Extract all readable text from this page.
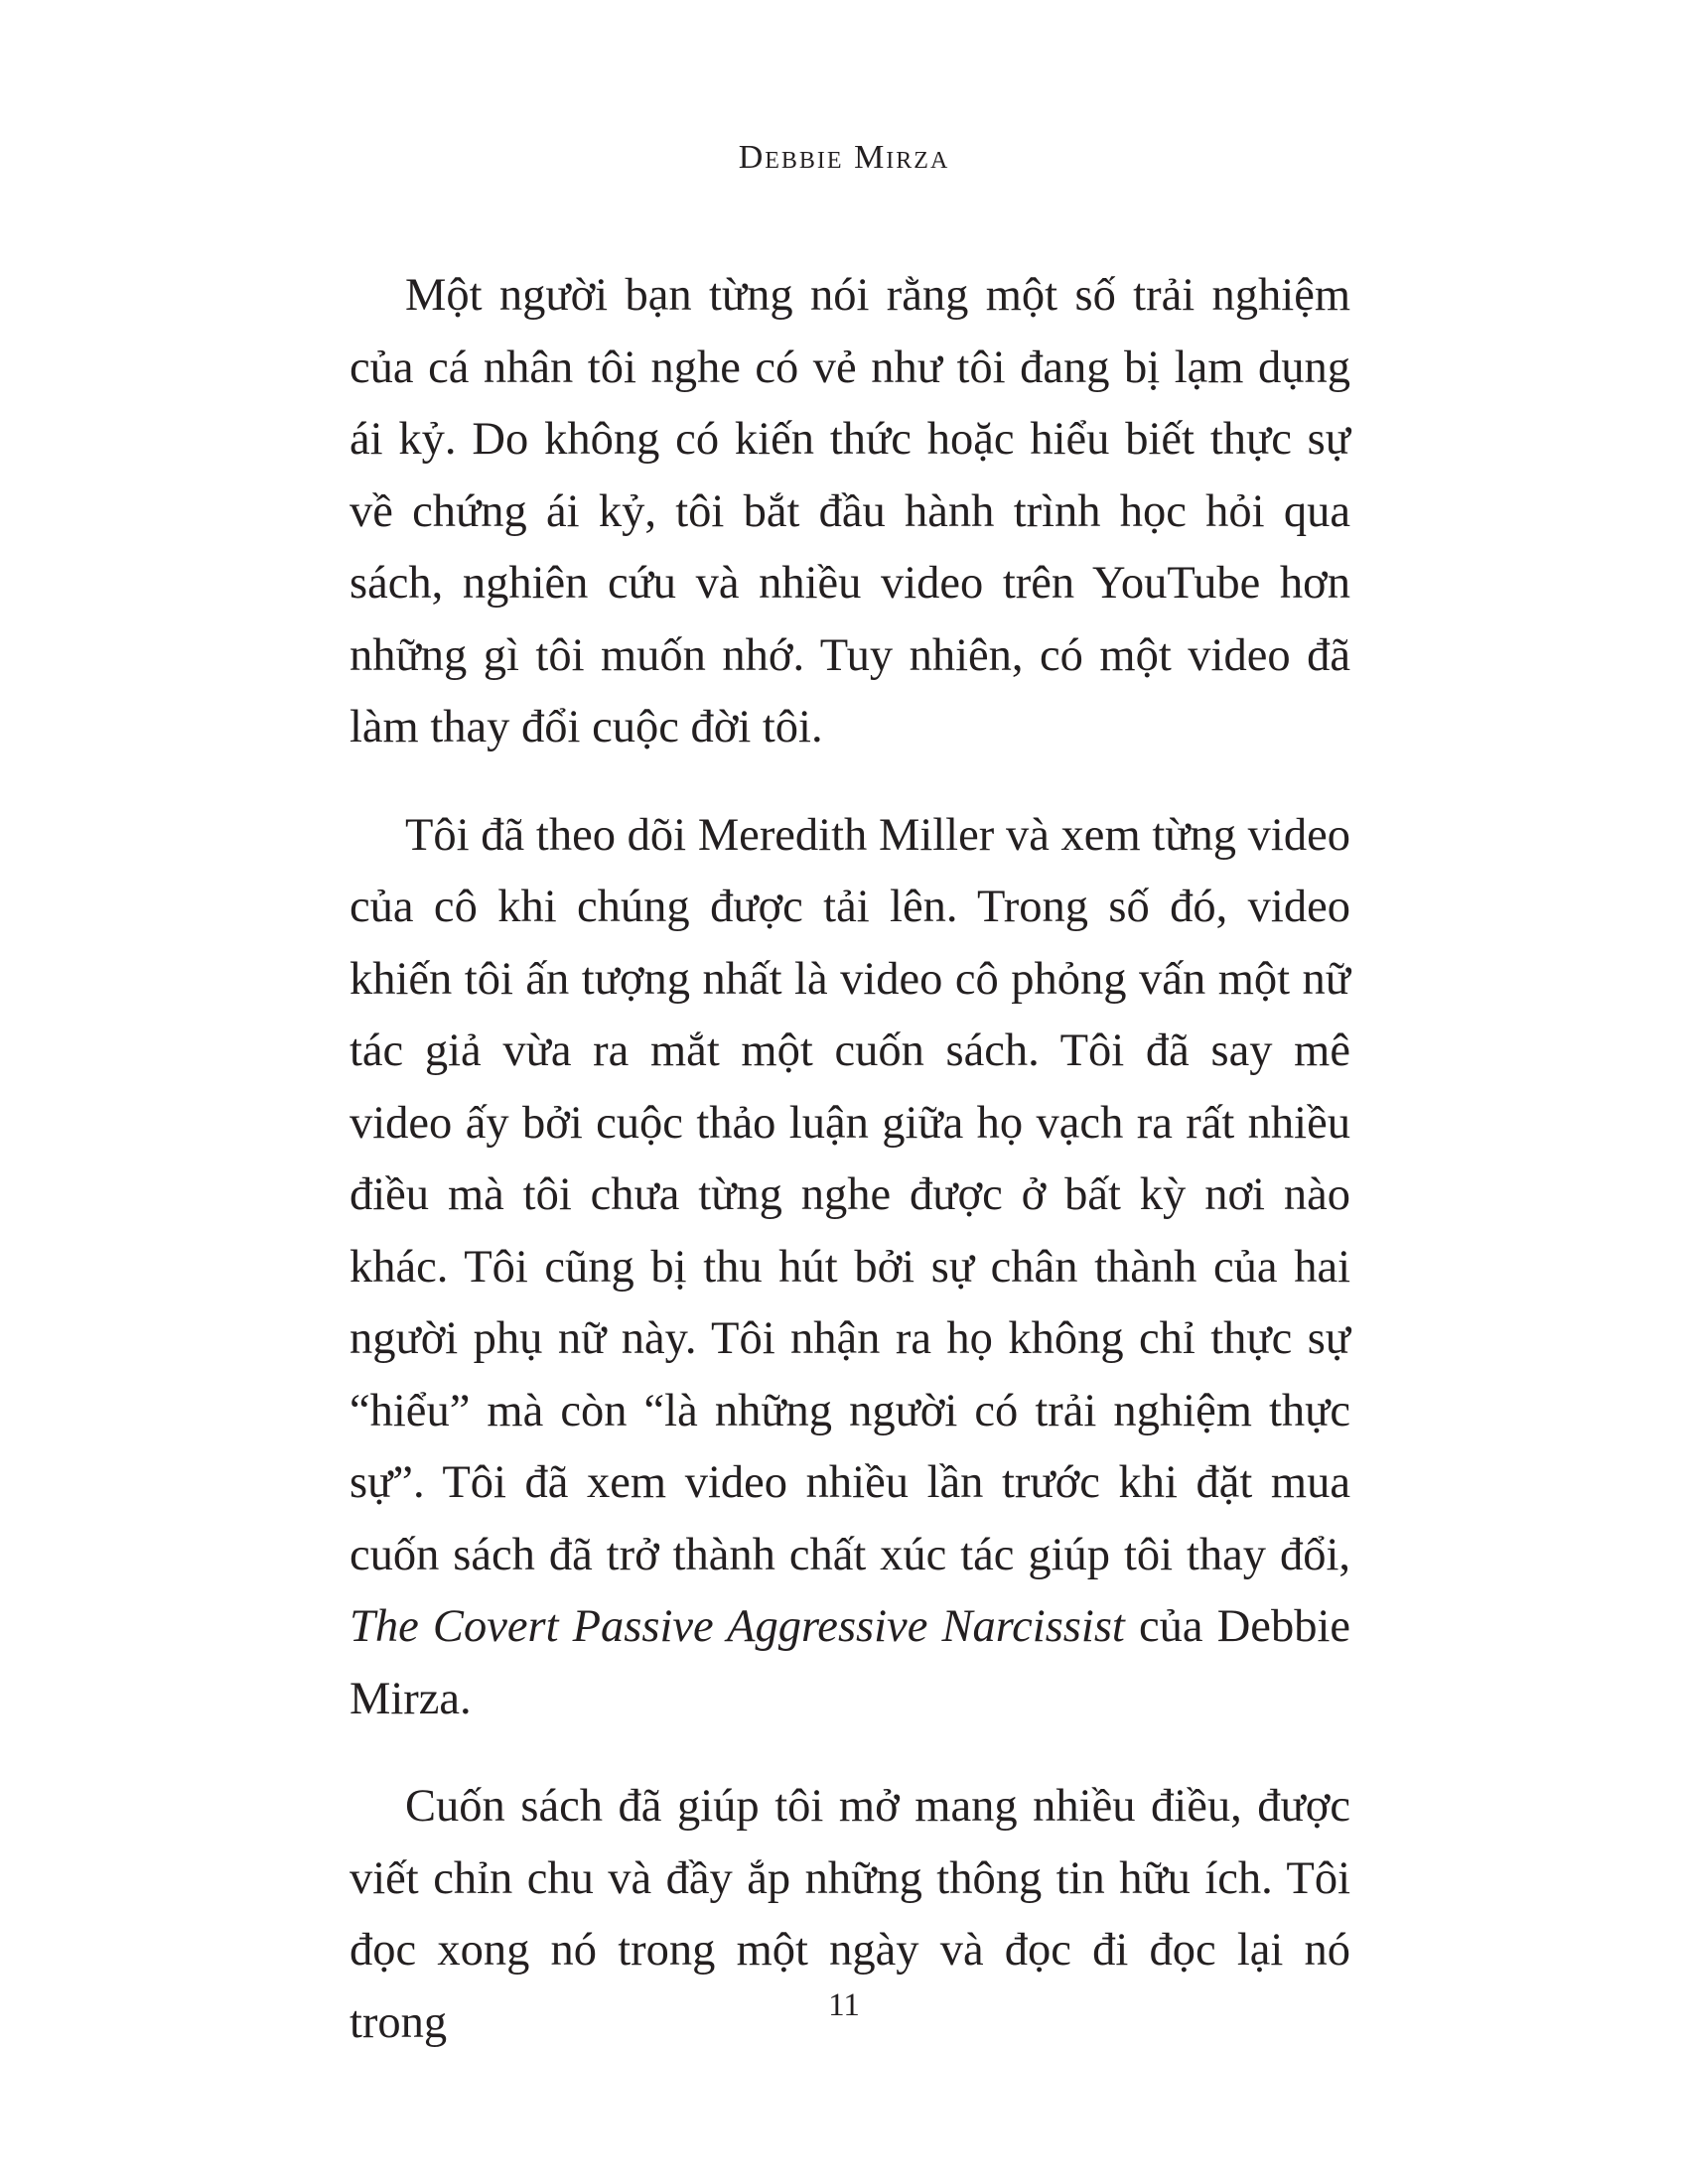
Debbie Mirza

Một người bạn từng nói rằng một số trải nghiệm của cá nhân tôi nghe có vẻ như tôi đang bị lạm dụng ái kỷ. Do không có kiến thức hoặc hiểu biết thực sự về chứng ái kỷ, tôi bắt đầu hành trình học hỏi qua sách, nghiên cứu và nhiều video trên YouTube hơn những gì tôi muốn nhớ. Tuy nhiên, có một video đã làm thay đổi cuộc đời tôi.

Tôi đã theo dõi Meredith Miller và xem từng video của cô khi chúng được tải lên. Trong số đó, video khiến tôi ấn tượng nhất là video cô phỏng vấn một nữ tác giả vừa ra mắt một cuốn sách. Tôi đã say mê video ấy bởi cuộc thảo luận giữa họ vạch ra rất nhiều điều mà tôi chưa từng nghe được ở bất kỳ nơi nào khác. Tôi cũng bị thu hút bởi sự chân thành của hai người phụ nữ này. Tôi nhận ra họ không chỉ thực sự “hiểu” mà còn “là những người có trải nghiệm thực sự”. Tôi đã xem video nhiều lần trước khi đặt mua cuốn sách đã trở thành chất xúc tác giúp tôi thay đổi, The Covert Passive Aggressive Narcissist của Debbie Mirza.

Cuốn sách đã giúp tôi mở mang nhiều điều, được viết chỉn chu và đầy ắp những thông tin hữu ích. Tôi đọc xong nó trong một ngày và đọc đi đọc lại nó trong	11
